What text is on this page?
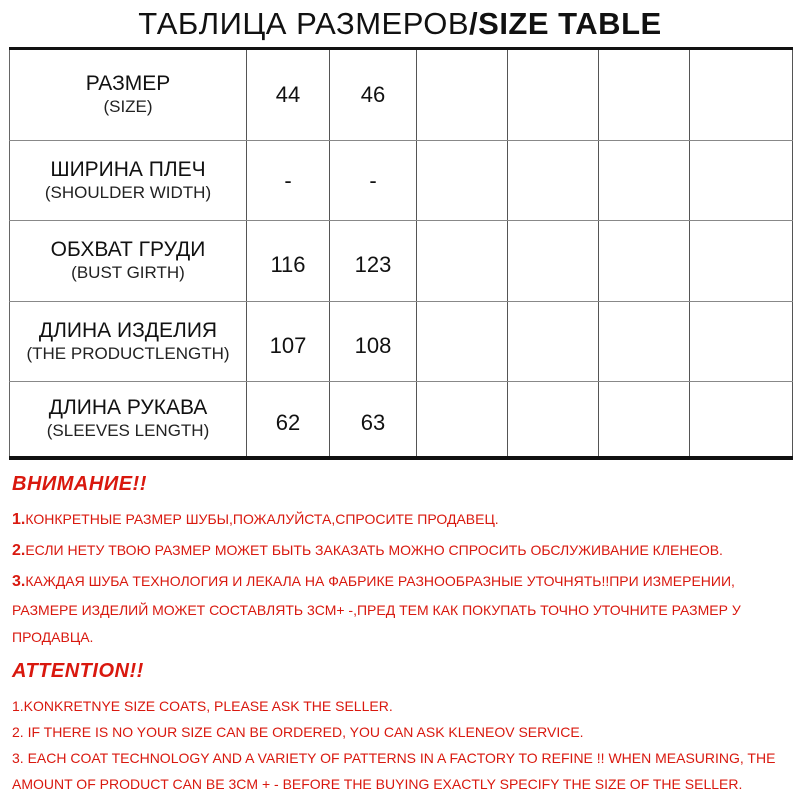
ТАБЛИЦА РАЗМЕРОВ/SIZE TABLE
РАЗМЕР
(SIZE)	44	46				

ШИРИНА ПЛЕЧ
(SHOULDER WIDTH)	-	-				

ОБХВАТ ГРУДИ
(BUST GIRTH)	116	123				

ДЛИНА ИЗДЕЛИЯ
(THE PRODUCTLENGTH)	107	108				

ДЛИНА РУКАВА
(SLEEVES LENGTH)	62	63				
ВНИМАНИЕ!!
1.КОНКРЕТНЫЕ РАЗМЕР ШУБЫ,ПОЖАЛУЙСТА,СПРОСИТЕ ПРОДАВЕЦ.
2.ЕСЛИ НЕТУ ТВОЮ РАЗМЕР МОЖЕТ БЫТЬ ЗАКАЗАТЬ МОЖНО СПРОСИТЬ ОБСЛУЖИВАНИЕ КЛЕНЕОВ.
3.КАЖДАЯ ШУБА ТЕХНОЛОГИЯ И ЛЕКАЛА НА ФАБРИКЕ РАЗНООБРАЗНЫЕ УТОЧНЯТЬ!!ПРИ ИЗМЕРЕНИИ,
РАЗМЕРЕ ИЗДЕЛИЙ МОЖЕТ СОСТАВЛЯТЬ 3СМ+ -,ПРЕД ТЕМ КАК ПОКУПАТЬ ТОЧНО УТОЧНИТЕ РАЗМЕР У
ПРОДАВЦА.
ATTENTION!!
1.KONKRETNYE SIZE COATS, PLEASE ASK THE SELLER.
2. IF THERE IS NO YOUR SIZE CAN BE ORDERED, YOU CAN ASK KLENEOV SERVICE.
3. EACH COAT TECHNOLOGY AND A VARIETY OF PATTERNS IN A FACTORY TO REFINE !! WHEN MEASURING, THE
AMOUNT OF PRODUCT CAN BE 3CM + - BEFORE THE BUYING EXACTLY SPECIFY THE SIZE OF THE SELLER.
